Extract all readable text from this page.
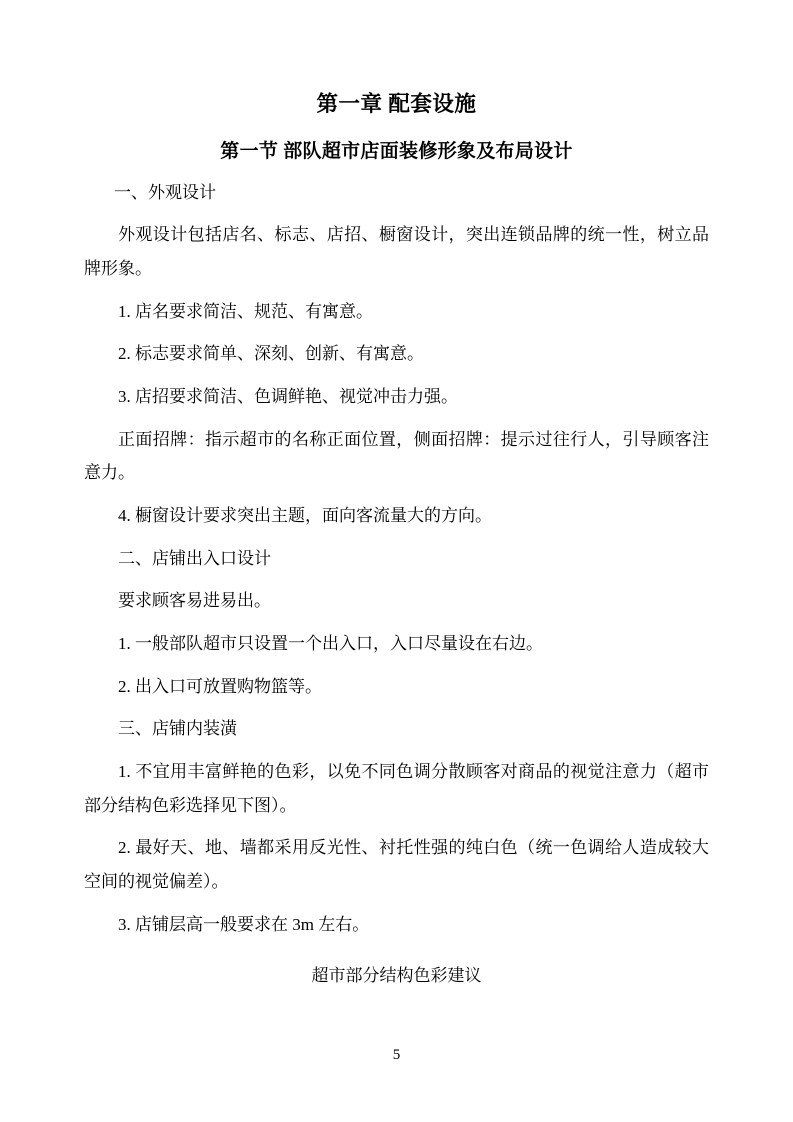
第一章 配套设施
第一节 部队超市店面装修形象及布局设计

一、外观设计

外观设计包括店名、标志、店招、橱窗设计，突出连锁品牌的统一性，树立品牌形象。

1. 店名要求简洁、规范、有寓意。

2. 标志要求简单、深刻、创新、有寓意。

3. 店招要求简洁、色调鲜艳、视觉冲击力强。

正面招牌：指示超市的名称正面位置，侧面招牌：提示过往行人，引导顾客注意力。

4. 橱窗设计要求突出主题，面向客流量大的方向。

二、店铺出入口设计

要求顾客易进易出。

1. 一般部队超市只设置一个出入口，入口尽量设在右边。

2. 出入口可放置购物篮等。

三、店铺内装潢

1. 不宜用丰富鲜艳的色彩，以免不同色调分散顾客对商品的视觉注意力（超市部分结构色彩选择见下图）。

2. 最好天、地、墙都采用反光性、衬托性强的纯白色（统一色调给人造成较大空间的视觉偏差）。

3. 店铺层高一般要求在 3m 左右。

超市部分结构色彩建议

5
